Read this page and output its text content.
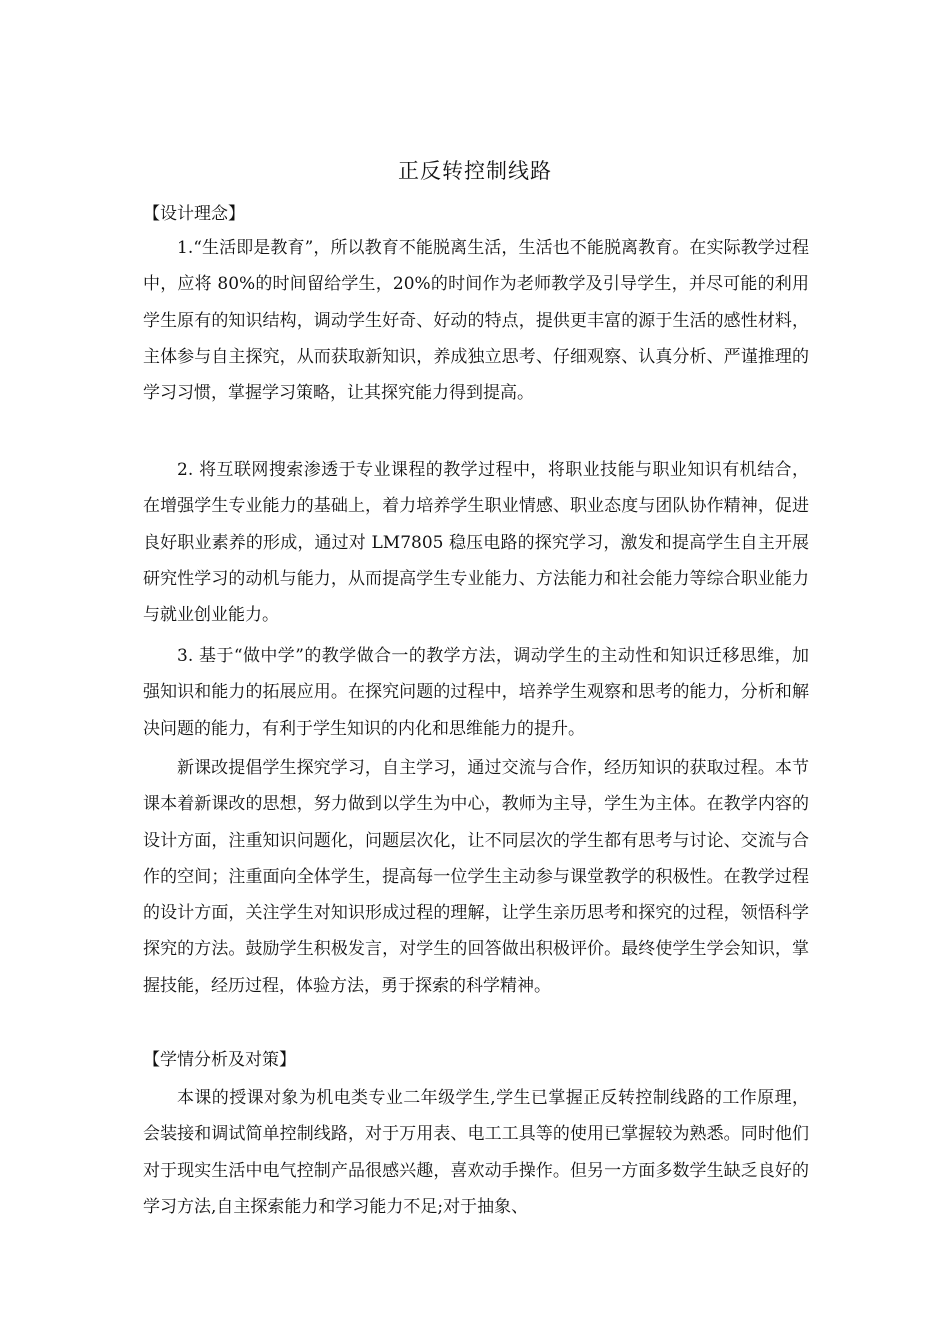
正反转控制线路
【设计理念】

1.“生活即是教育”，所以教育不能脱离生活，生活也不能脱离教育。在实际教学过程中，应将 80%的时间留给学生，20%的时间作为老师教学及引导学生，并尽可能的利用学生原有的知识结构，调动学生好奇、好动的特点，提供更丰富的源于生活的感性材料，主体参与自主探究，从而获取新知识，养成独立思考、仔细观察、认真分析、严谨推理的学习习惯，掌握学习策略，让其探究能力得到提高。

2. 将互联网搜索渗透于专业课程的教学过程中，将职业技能与职业知识有机结合，在增强学生专业能力的基础上，着力培养学生职业情感、职业态度与团队协作精神，促进良好职业素养的形成，通过对 LM7805 稳压电路的探究学习，激发和提高学生自主开展研究性学习的动机与能力，从而提高学生专业能力、方法能力和社会能力等综合职业能力与就业创业能力。

3. 基于“做中学”的教学做合一的教学方法，调动学生的主动性和知识迁移思维，加强知识和能力的拓展应用。在探究问题的过程中，培养学生观察和思考的能力，分析和解决问题的能力，有利于学生知识的内化和思维能力的提升。

新课改提倡学生探究学习，自主学习，通过交流与合作，经历知识的获取过程。本节课本着新课改的思想，努力做到以学生为中心，教师为主导，学生为主体。在教学内容的设计方面，注重知识问题化，问题层次化，让不同层次的学生都有思考与讨论、交流与合作的空间；注重面向全体学生，提高每一位学生主动参与课堂教学的积极性。在教学过程的设计方面，关注学生对知识形成过程的理解，让学生亲历思考和探究的过程，领悟科学探究的方法。鼓励学生积极发言，对学生的回答做出积极评价。最终使学生学会知识，掌握技能，经历过程，体验方法，勇于探索的科学精神。

【学情分析及对策】

本课的授课对象为机电类专业二年级学生,学生已掌握正反转控制线路的工作原理，会装接和调试简单控制线路，对于万用表、电工工具等的使用已掌握较为熟悉。同时他们对于现实生活中电气控制产品很感兴趣，喜欢动手操作。但另一方面多数学生缺乏良好的学习方法,自主探索能力和学习能力不足;对于抽象、
